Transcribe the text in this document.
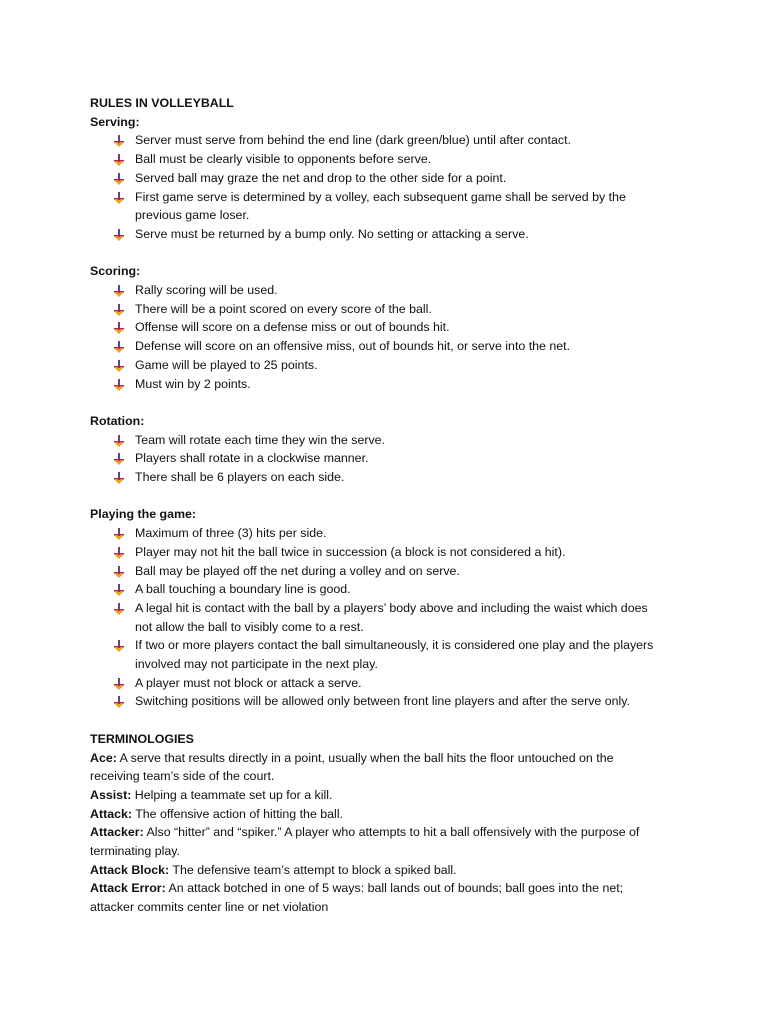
RULES IN VOLLEYBALL
Serving:
Server must serve from behind the end line (dark green/blue) until after contact.
Ball must be clearly visible to opponents before serve.
Served ball may graze the net and drop to the other side for a point.
First game serve is determined by a volley, each subsequent game shall be served by the
previous game loser.
Serve must be returned by a bump only. No setting or attacking a serve.
Scoring:
Rally scoring will be used.
There will be a point scored on every score of the ball.
Offense will score on a defense miss or out of bounds hit.
Defense will score on an offensive miss, out of bounds hit, or serve into the net.
Game will be played to 25 points.
Must win by 2 points.
Rotation:
Team will rotate each time they win the serve.
Players shall rotate in a clockwise manner.
There shall be 6 players on each side.
Playing the game:
Maximum of three (3) hits per side.
Player may not hit the ball twice in succession (a block is not considered a hit).
Ball may be played off the net during a volley and on serve.
A ball touching a boundary line is good.
A legal hit is contact with the ball by a players’ body above and including the waist which does
not allow the ball to visibly come to a rest.
If two or more players contact the ball simultaneously, it is considered one play and the players
involved may not participate in the next play.
A player must not block or attack a serve.
Switching positions will be allowed only between front line players and after the serve only.
TERMINOLOGIES
Ace: A serve that results directly in a point, usually when the ball hits the floor untouched on the
receiving team’s side of the court.
Assist: Helping a teammate set up for a kill.
Attack: The offensive action of hitting the ball.
Attacker: Also “hitter” and “spiker.” A player who attempts to hit a ball offensively with the purpose of
terminating play.
Attack Block: The defensive team’s attempt to block a spiked ball.
Attack Error: An attack botched in one of 5 ways: ball lands out of bounds; ball goes into the net;
attacker commits center line or net violation
